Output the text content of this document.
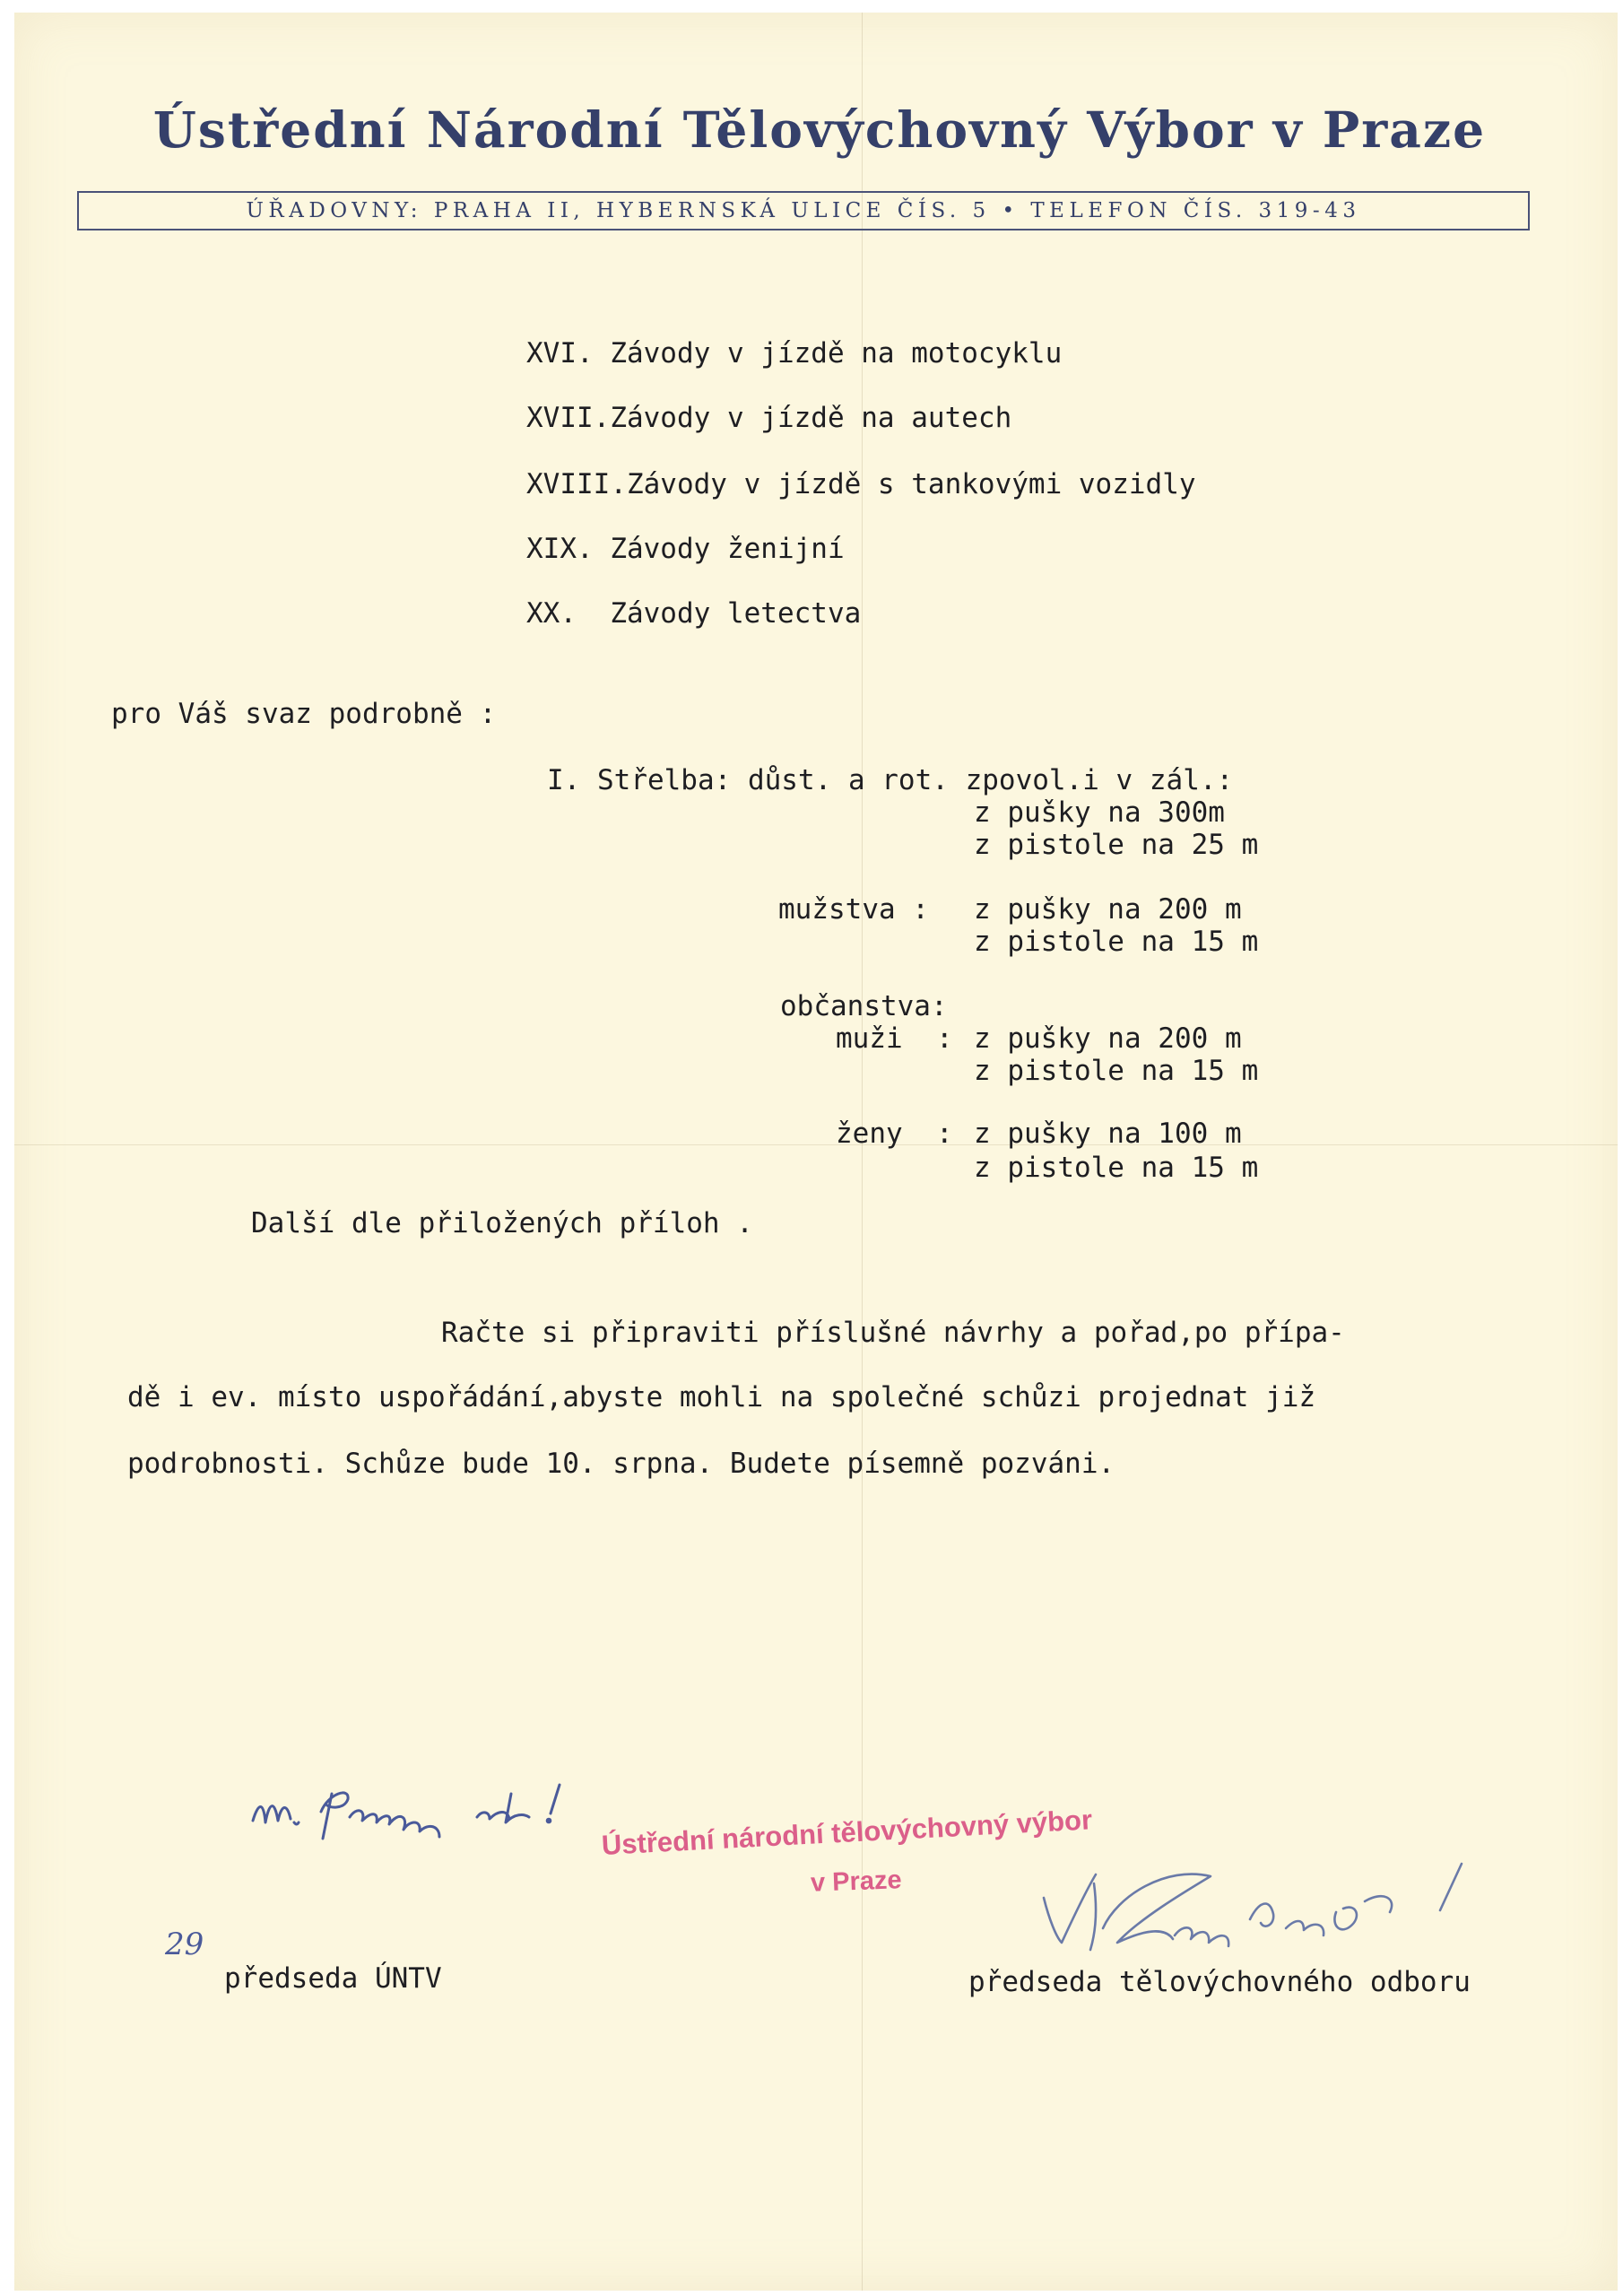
Ústřední Národní Tělovýchovný Výbor v Praze
ÚŘADOVNY: PRAHA II, HYBERNSKÁ ULICE ČÍS. 5 • TELEFON ČÍS. 319-43

XVI. Závody v jízdě na motocyklu

XVII.Závody v jízdě na autech

XVIII.Závody v jízdě s tankovými vozidly

XIX. Závody ženijní

XX.  Závody letectva

pro Váš svaz podrobně :

I. Střelba: důst. a rot. zpovol.i v zál.:

z pušky na 300m

z pistole na 25 m

mužstva : z pušky na 200 m

z pistole na 15 m

občanstva:

muži  : z pušky na 200 m

z pistole na 15 m

ženy  : z pušky na 100 m

z pistole na 15 m

Další dle přiložených příloh .

Račte si připraviti příslušné návrhy a pořad,po přípa-

dě i ev. místo uspořádání,abyste mohli na společné schůzi projednat již

podrobnosti. Schůze bude 10. srpna. Budete písemně pozváni.

Ústřední národní tělovýchovný výbor
v Praze
29

předseda ÚNTV	předseda tělovýchovného odboru
